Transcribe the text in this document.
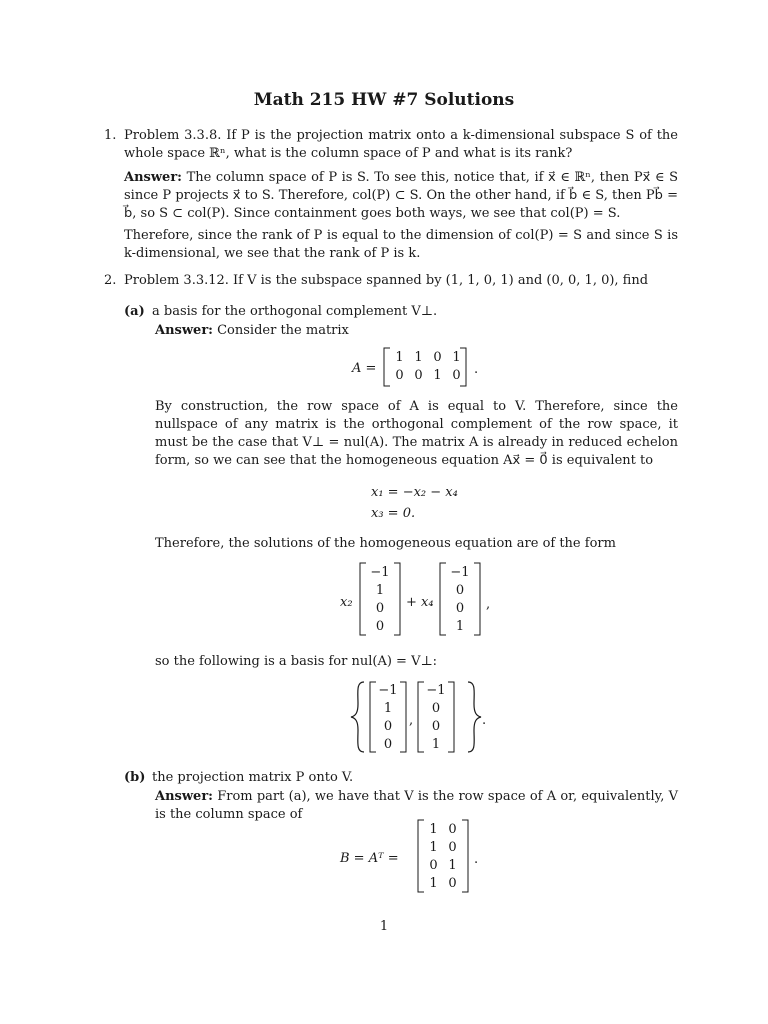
Math 215 HW #7 Solutions
1. Problem 3.3.8. If P is the projection matrix onto a k-dimensional subspace S of the whole space ℝⁿ, what is the column space of P and what is its rank?

Answer: The column space of P is S. To see this, notice that, if x⃗ ∈ ℝⁿ, then Px⃗ ∈ S since P projects x⃗ to S. Therefore, col(P) ⊂ S. On the other hand, if b⃗ ∈ S, then Pb⃗ = b⃗, so S ⊂ col(P). Since containment goes both ways, we see that col(P) = S.

Therefore, since the rank of P is equal to the dimension of col(P) = S and since S is k-dimensional, we see that the rank of P is k.

2. Problem 3.3.12. If V is the subspace spanned by (1, 1, 0, 1) and (0, 0, 1, 0), find

(a) a basis for the orthogonal complement V⊥.

Answer: Consider the matrix

A =
1 1 0 1
0 0 1 0 .

By construction, the row space of A is equal to V. Therefore, since the nullspace of any matrix is the orthogonal complement of the row space, it must be the case that V⊥ = nul(A). The matrix A is already in reduced echelon form, so we can see that the homogeneous equation Ax⃗ = 0⃗ is equivalent to

x₁ = −x₂ − x₄
x₃ = 0.

Therefore, the solutions of the homogeneous equation are of the form

x₂
−1
1
0
0
+ x₄
−1
0
0
1
,

so the following is a basis for nul(A) = V⊥:

−1
1
0
0
,
−1
0
0
1
.
(b) the projection matrix P onto V.

Answer: From part (a), we have that V is the row space of A or, equivalently, V is the column space of

B = Aᵀ =
1 0
1 0
0 1
1 0
.
1
